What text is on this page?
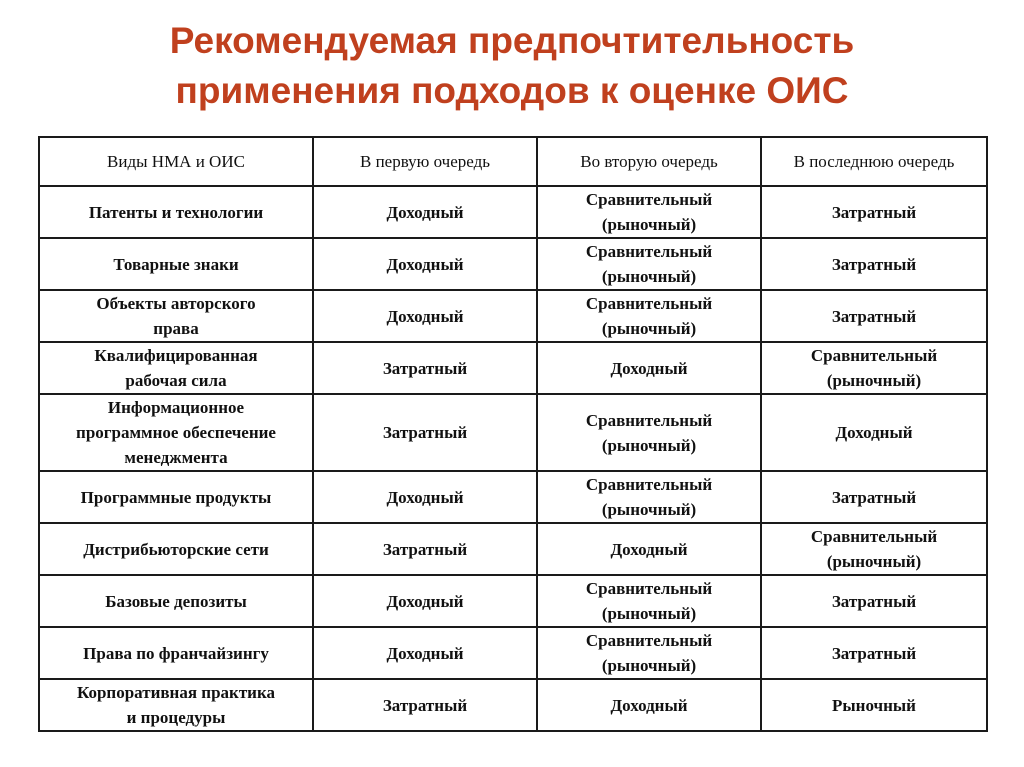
Рекомендуемая предпочтительность
применения подходов к оценке ОИС
Виды НМА и ОИС	В первую очередь	Во вторую очередь	В последнюю очередь

Патенты и технологии	Доходный	Сравнительный
(рыночный)	Затратный

Товарные знаки	Доходный	Сравнительный
(рыночный)	Затратный

Объекты авторского
права	Доходный	Сравнительный
(рыночный)	Затратный

Квалифицированная
рабочая сила	Затратный	Доходный	Сравнительный
(рыночный)

Информационное
программное обеспечение
менеджмента	Затратный	Сравнительный
(рыночный)	Доходный

Программные продукты	Доходный	Сравнительный
(рыночный)	Затратный

Дистрибьюторские сети	Затратный	Доходный	Сравнительный
(рыночный)

Базовые депозиты	Доходный	Сравнительный
(рыночный)	Затратный

Права по франчайзингу	Доходный	Сравнительный
(рыночный)	Затратный

Корпоративная практика
и процедуры	Затратный	Доходный	Рыночный
